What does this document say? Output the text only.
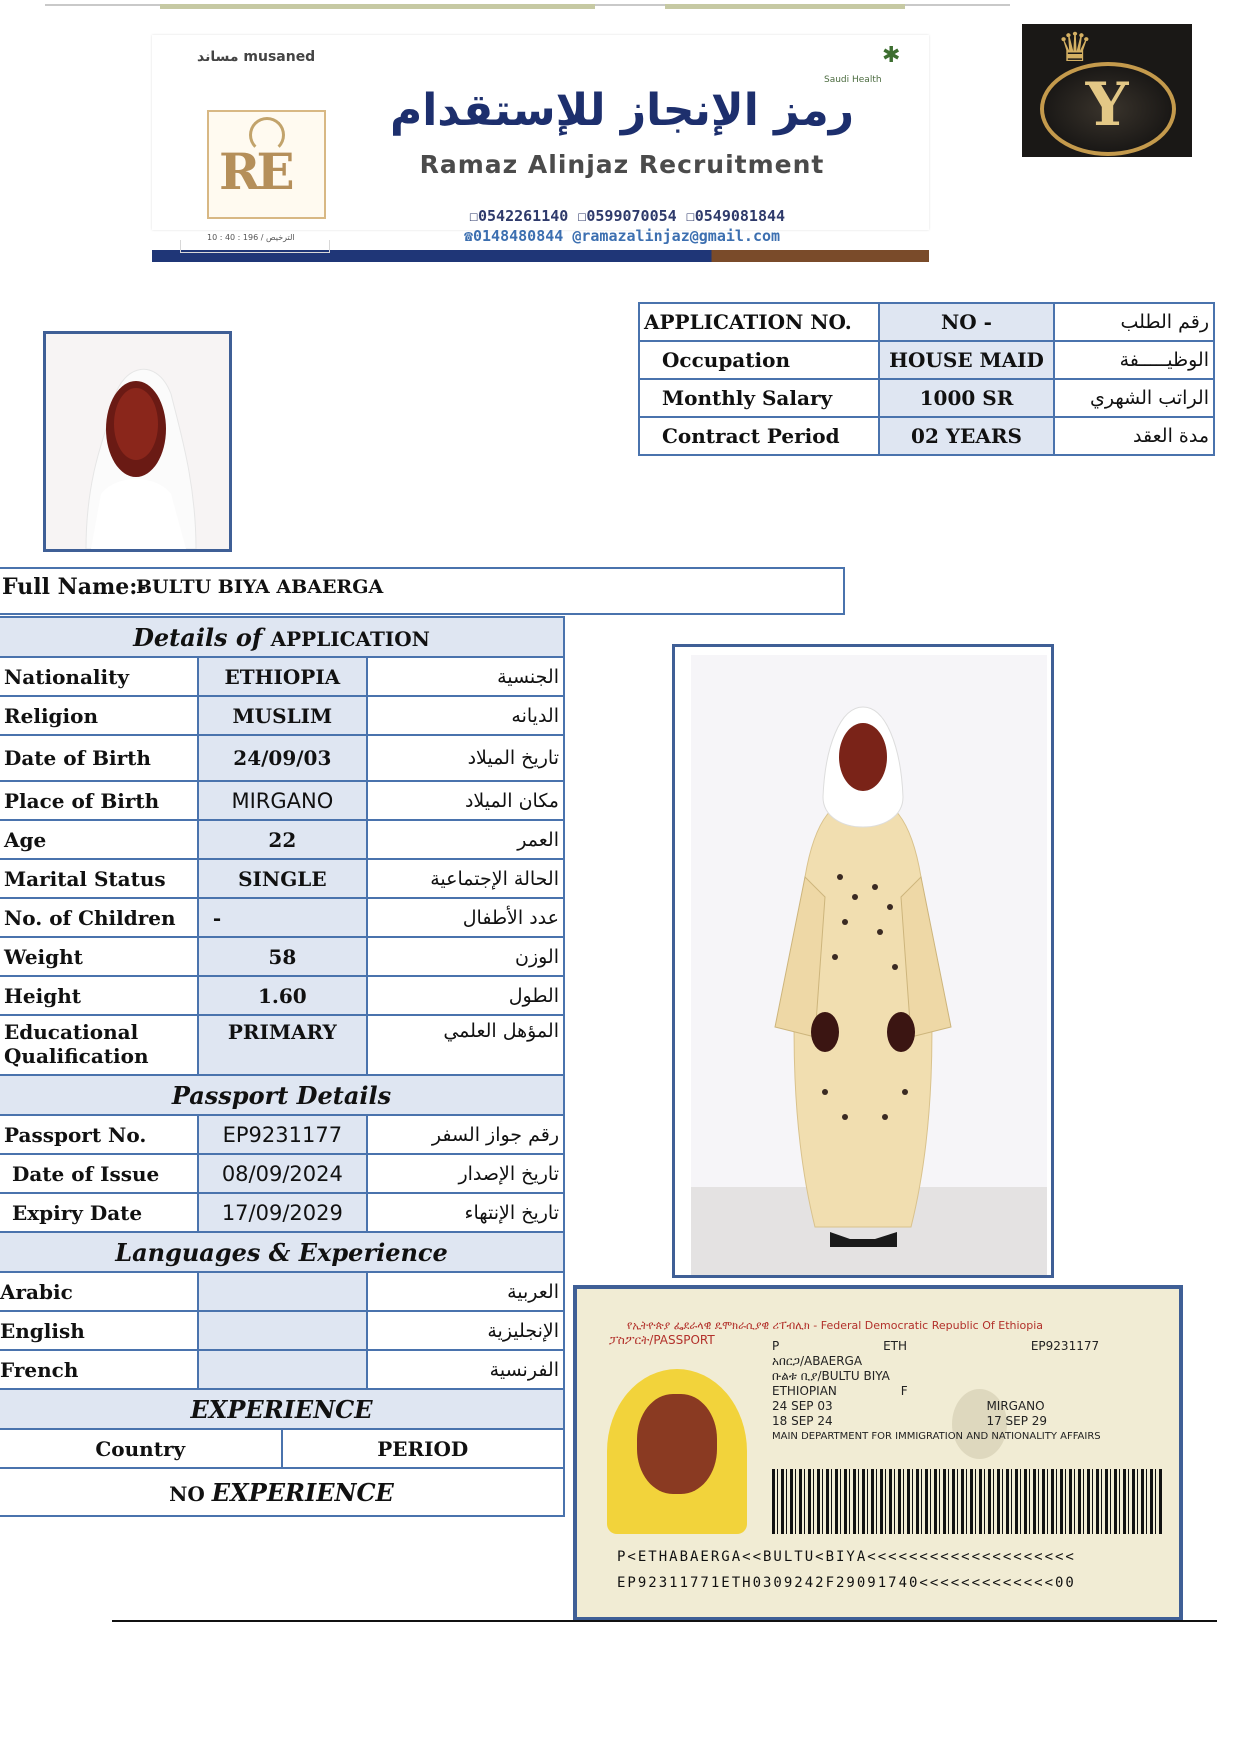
مساند musaned
RE
✱
Saudi Health
رمز الإنجاز للإستقدام
Ramaz Alinjaz Recruitment
☐0542261140 ☐0599070054 ☐0549081844
☎0148480844 @ramazalinjaz@gmail.com
10 : 40 : 196 / الترخيص
♛
Y
APPLICATION NO.	NO -	رقم الطلب
Occupation	HOUSE MAID	الوظيـــــفة
Monthly Salary	1000 SR	الراتب الشهري
Contract Period	02 YEARS	مدة العقد
Full Name:-
BULTU BIYA ABAERGA
Details of APPLICATION
Nationality	ETHIOPIA	الجنسية
Religion	MUSLIM	الديانه
Date of Birth	24/09/03	تاريخ الميلاد
Place of Birth	MIRGANO	مكان الميلاد
Age	22	العمر
Marital Status	SINGLE	الحالة الإجتماعية
No. of Children	-	عدد الأطفال
Weight	58	الوزن
Height	1.60	الطول
Educational Qualification	PRIMARY	المؤهل العلمي
Passport Details
Passport No.	EP9231177	رقم جواز السفر
Date of Issue	08/09/2024	تاريخ الإصدار
Expiry Date	17/09/2029	تاريخ الإنتهاء
Languages & Experience
Arabic		العربية
English		الإنجليزية
French		الفرنسية
EXPERIENCE

Country	PERIOD

NO EXPERIENCE
የኢትዮጵያ ፌደራላዊ ዴሞክራሲያዊ ሪፐብሊክ - Federal Democratic Republic Of Ethiopia
ፓስፖርት/PASSPORT	P	ETH	EP9231177
አበርጋ/ABAERGA
ቡልቱ ቢያ/BULTU BIYA
ETHIOPIAN	F
24 SEP 03	MIRGANO
18 SEP 24	17 SEP 29
MAIN DEPARTMENT FOR IMMIGRATION AND NATIONALITY AFFAIRS
P<ETHABAERGA<<BULTU<BIYA<<<<<<<<<<<<<<<<<<<<
EP92311771ETH0309242F29091740<<<<<<<<<<<<<00
